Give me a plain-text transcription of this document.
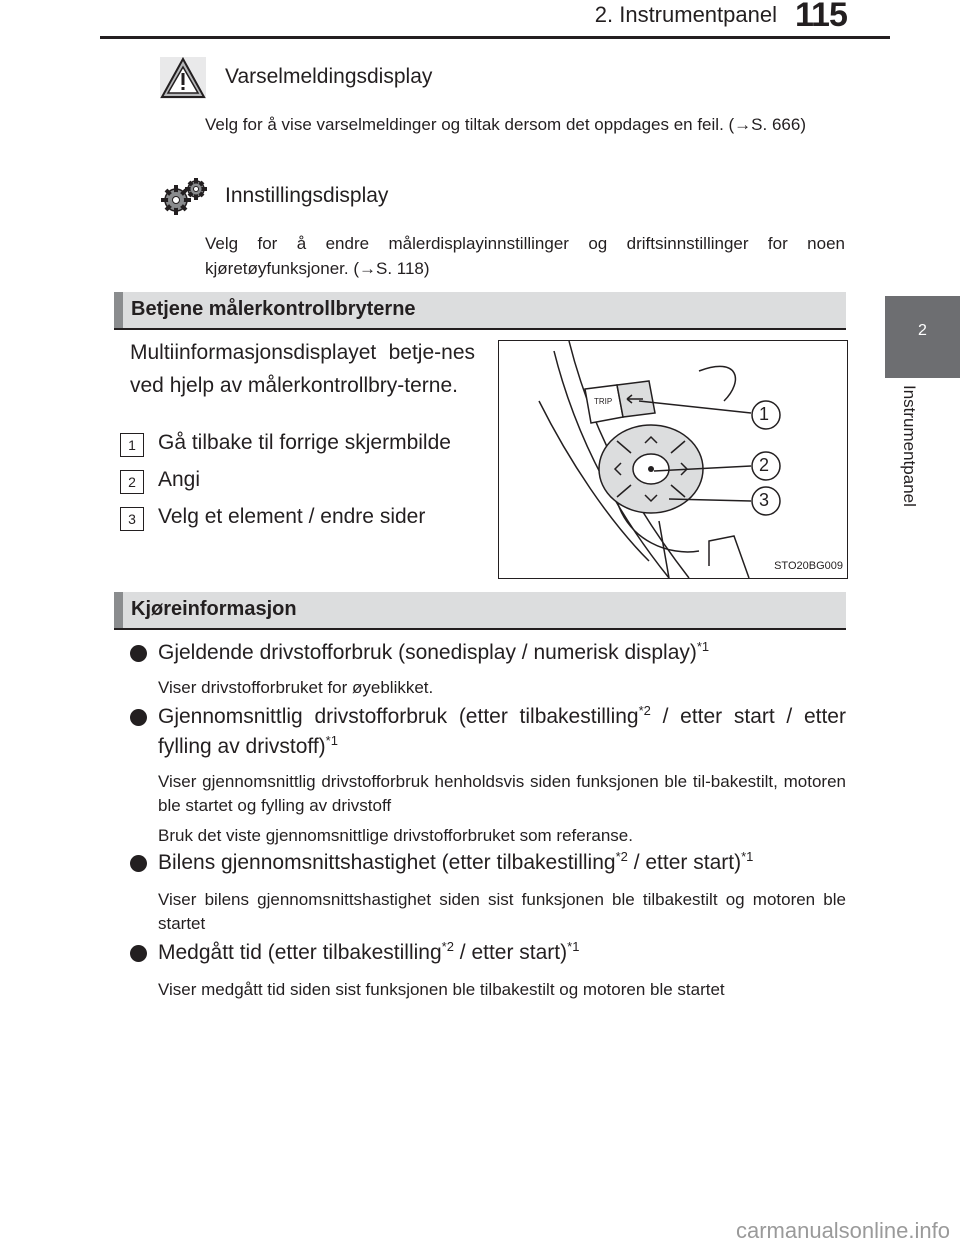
2. Instrumentpanel 115
2
Instrumentpanel
Varselmeldingsdisplay
Velg for å vise varselmeldinger og tiltak dersom det oppdages en feil. (→S. 666)
Innstillingsdisplay
Velg for å endre målerdisplayinnstillinger og driftsinnstillinger for noen kjøretøyfunksjoner. (→S. 118)
Betjene målerkontrollbryterne
Multiinformasjonsdisplayet betje-nes ved hjelp av målerkontrollbry-terne.
1	Gå tilbake til forrige skjermbilde
2	Angi
3	Velg et element / endre sider
TRIP
1
2
3
STO20BG009
Kjøreinformasjon
Gjeldende drivstofforbruk (sonedisplay / numerisk display)$^{*1}$
Viser drivstofforbruket for øyeblikket.
Gjennomsnittlig drivstofforbruk (etter tilbakestilling$^{*2}$ / etter start / etter fylling av drivstoff)$^{*1}$
Viser gjennomsnittlig drivstofforbruk henholdsvis siden funksjonen ble til-bakestilt, motoren ble startet og fylling av drivstoff
Bruk det viste gjennomsnittlige drivstofforbruket som referanse.
Bilens gjennomsnittshastighet (etter tilbakestilling$^{*2}$ / etter start)$^{*1}$
Viser bilens gjennomsnittshastighet siden sist funksjonen ble tilbakestilt og motoren ble startet
Medgått tid (etter tilbakestilling$^{*2}$ / etter start)$^{*1}$
Viser medgått tid siden sist funksjonen ble tilbakestilt og motoren ble startet
carmanualsonline.info
